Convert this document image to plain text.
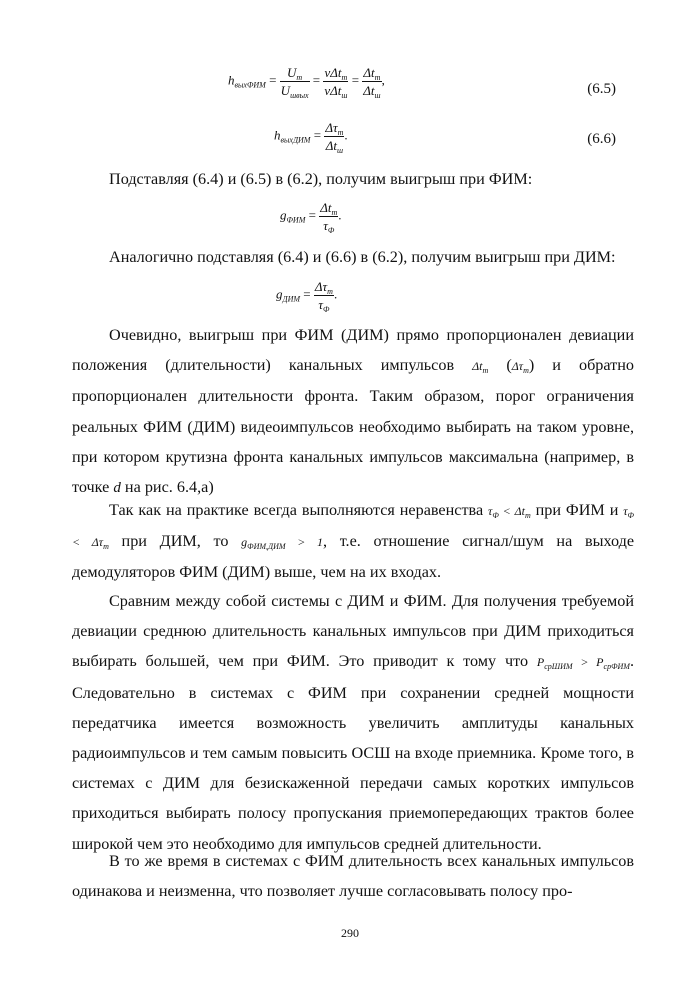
$h_{выхФИМ} = \frac{U_m}{U_{швых}} = \frac{v\Delta t_m}{v\Delta t_ш} = \frac{\Delta t_m}{\Delta t_ш}$ ,
(6.5)
$h_{выхДИМ} = \frac{\Delta\tau_m}{\Delta t_ш}$ .	(6.6)
Подставляя (6.4) и (6.5) в (6.2), получим выигрыш при ФИМ:
$g_{ФИМ} = \frac{\Delta t_m}{\tau_Ф}$ .
Аналогично подставляя (6.4) и (6.6) в (6.2), получим выигрыш при ДИМ:
$g_{ДИМ} = \frac{\Delta\tau_m}{\tau_Ф}$ .
Очевидно, выигрыш при ФИМ (ДИМ) прямо пропорционален девиации положения (длительности) канальных импульсов $\Delta t_m$ $(\Delta\tau_m)$ и обратно пропорционален длительности фронта. Таким образом, порог ограничения реальных ФИМ (ДИМ) видеоимпульсов необходимо выбирать на таком уровне, при котором крутизна фронта канальных импульсов максимальна (например, в точке d на рис. 6.4,а)
Так как на практике всегда выполняются неравенства $\tau_Ф < \Delta t_m$ при ФИМ и $\tau_Ф < \Delta\tau_m$ при ДИМ, то $g_{ФИМ,ДИМ} > 1$, т.е. отношение сигнал/шум на выходе демодуляторов ФИМ (ДИМ) выше, чем на их входах.
Сравним между собой системы с ДИМ и ФИМ. Для получения требуемой девиации среднюю длительность канальных импульсов при ДИМ приходиться выбирать большей, чем при ФИМ. Это приводит к тому что $P_{срШИМ} > P_{срФИМ}$. Следовательно в системах с ФИМ при сохранении средней мощности передатчика имеется возможность увеличить амплитуды канальных радиоимпульсов и тем самым повысить ОСШ на входе приемника. Кроме того, в системах с ДИМ для безискаженной передачи самых коротких импульсов приходиться выбирать полосу пропускания приемопередающих трактов более широкой чем это необходимо для импульсов средней длительности.
В то же время в системах с ФИМ длительность всех канальных импульсов одинакова и неизменна, что позволяет лучше согласовывать полосу про-
290
